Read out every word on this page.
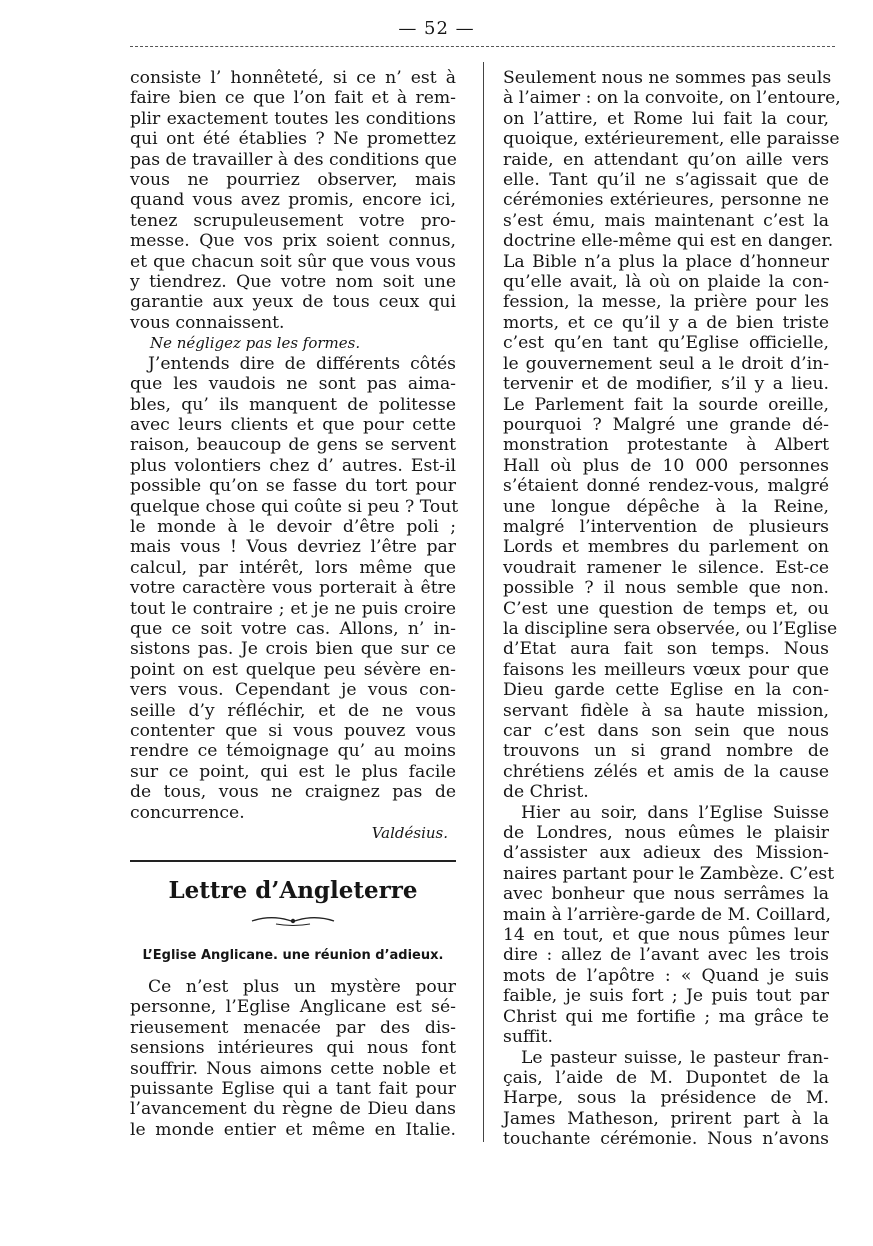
— 52 —
consiste l’ honnêteté, si ce n’ est à
faire bien ce que l’on fait et à rem-
plir exactement toutes les conditions
qui ont été établies ? Ne promettez
pas de travailler à des conditions que
vous ne pourriez observer, mais
quand vous avez promis, encore ici,
tenez scrupuleusement votre pro-
messe. Que vos prix soient connus,
et que chacun soit sûr que vous vous
y tiendrez. Que votre nom soit une
garantie aux yeux de tous ceux qui
vous connaissent.
Ne négligez pas les formes.
J’entends dire de différents côtés
que les vaudois ne sont pas aima-
bles, qu’ ils manquent de politesse
avec leurs clients et que pour cette
raison, beaucoup de gens se servent
plus volontiers chez d’ autres. Est-il
possible qu’on se fasse du tort pour
quelque chose qui coûte si peu ? Tout
le monde à le devoir d’être poli ;
mais vous ! Vous devriez l’être par
calcul, par intérêt, lors même que
votre caractère vous porterait à être
tout le contraire ; et je ne puis croire
que ce soit votre cas. Allons, n’ in-
sistons pas. Je crois bien que sur ce
point on est quelque peu sévère en-
vers vous. Cependant je vous con-
seille d’y réfléchir, et de ne vous
contenter que si vous pouvez vous
rendre ce témoignage qu’ au moins
sur ce point, qui est le plus facile
de tous, vous ne craignez pas de
concurrence.
Valdésius.
Lettre d’Angleterre
L’Eglise Anglicane. une réunion d’adieux.
Ce n’est plus un mystère pour
personne, l’Eglise Anglicane est sé-
rieusement menacée par des dis-
sensions intérieures qui nous font
souffrir. Nous aimons cette noble et
puissante Eglise qui a tant fait pour
l’avancement du règne de Dieu dans
le monde entier et même en Italie.
Seulement nous ne sommes pas seuls
à l’aimer : on la convoite, on l’entoure,
on l’attire, et Rome lui fait la cour,
quoique, extérieurement, elle paraisse
raide, en attendant qu’on aille vers
elle. Tant qu’il ne s’agissait que de
cérémonies extérieures, personne ne
s’est ému, mais maintenant c’est la
doctrine elle-même qui est en danger.
La Bible n’a plus la place d’honneur
qu’elle avait, là où on plaide la con-
fession, la messe, la prière pour les
morts, et ce qu’il y a de bien triste
c’est qu’en tant qu’Eglise officielle,
le gouvernement seul a le droit d’in-
tervenir et de modifier, s’il y a lieu.
Le Parlement fait la sourde oreille,
pourquoi ? Malgré une grande dé-
monstration protestante à Albert
Hall où plus de 10 000 personnes
s’étaient donné rendez-vous, malgré
une longue dépêche à la Reine,
malgré l’intervention de plusieurs
Lords et membres du parlement on
voudrait ramener le silence. Est-ce
possible ? il nous semble que non.
C’est une question de temps et, ou
la discipline sera observée, ou l’Eglise
d’Etat aura fait son temps. Nous
faisons les meilleurs vœux pour que
Dieu garde cette Eglise en la con-
servant fidèle à sa haute mission,
car c’est dans son sein que nous
trouvons un si grand nombre de
chrétiens zélés et amis de la cause
de Christ.
Hier au soir, dans l’Eglise Suisse
de Londres, nous eûmes le plaisir
d’assister aux adieux des Mission-
naires partant pour le Zambèze. C’est
avec bonheur que nous serrâmes la
main à l’arrière-garde de M. Coillard,
14 en tout, et que nous pûmes leur
dire : allez de l’avant avec les trois
mots de l’apôtre : « Quand je suis
faible, je suis fort ; Je puis tout par
Christ qui me fortifie ; ma grâce te
suffit.
Le pasteur suisse, le pasteur fran-
çais, l’aide de M. Dupontet de la
Harpe, sous la présidence de M.
James Matheson, prirent part à la
touchante cérémonie. Nous n’avons
